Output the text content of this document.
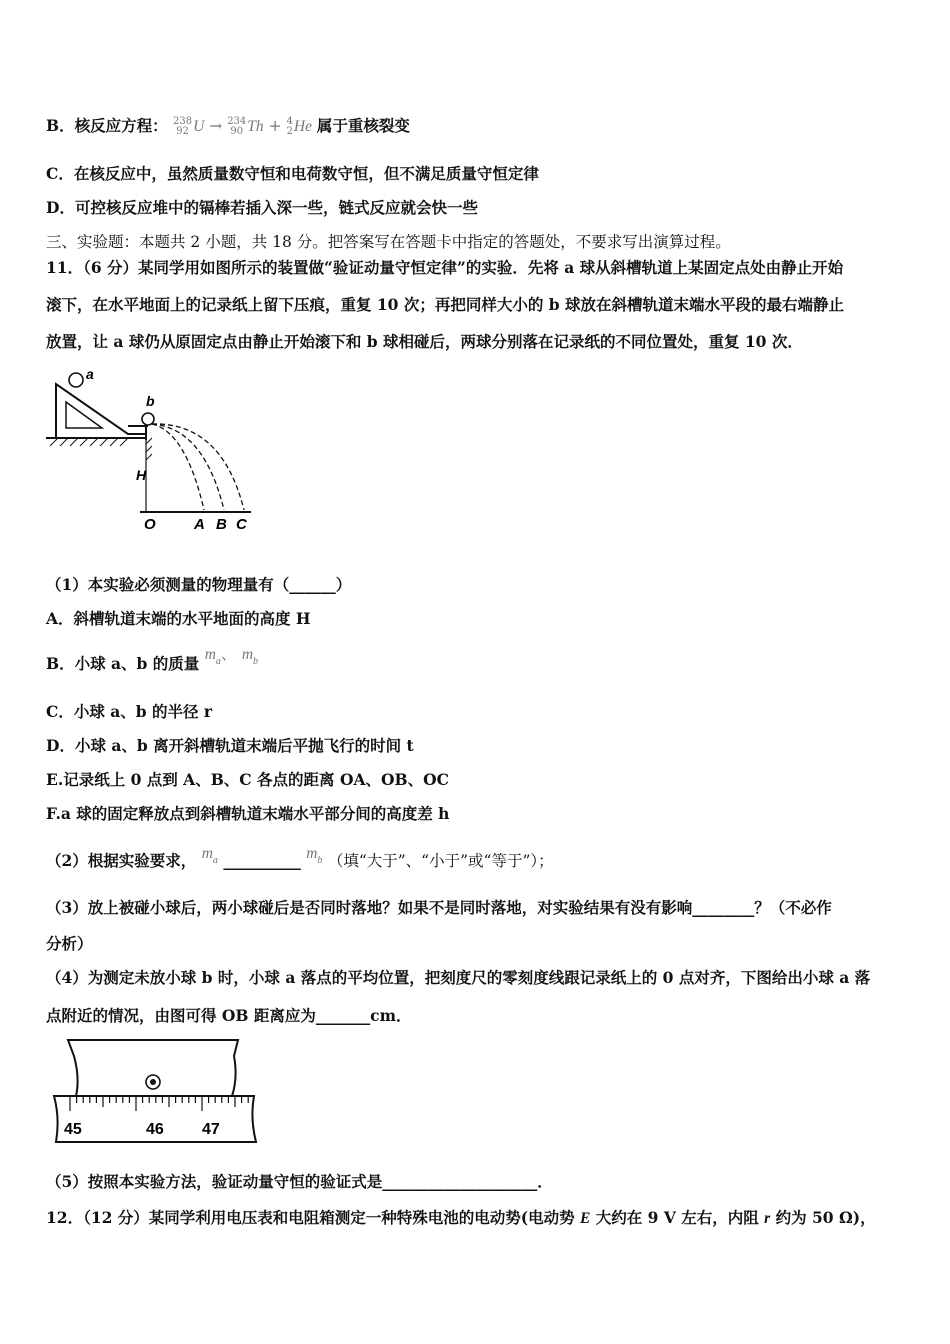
B．核反应方程： 238
92 U → 234
90 Th + 4
2 He 属于重核裂变
C．在核反应中，虽然质量数守恒和电荷数守恒，但不满足质量守恒定律
D．可控核反应堆中的镉棒若插入深一些，链式反应就会快一些
三、实验题：本题共 2 小题，共 18 分。把答案写在答题卡中指定的答题处，不要求写出演算过程。
11．（6 分）某同学用如图所示的装置做“验证动量守恒定律”的实验．先将 a 球从斜槽轨道上某固定点处由静止开始
滚下，在水平地面上的记录纸上留下压痕，重复 10 次；再把同样大小的 b 球放在斜槽轨道末端水平段的最右端静止
放置，让 a 球仍从原固定点由静止开始滚下和 b 球相碰后，两球分别落在记录纸的不同位置处，重复 10 次．
a
b
H
O	A B C
（1）本实验必须测量的物理量有（______）
A．斜槽轨道末端的水平地面的高度 H
B．小球 a、b 的质量 $m_a$、 $m_b$
C．小球 a、b 的半径 r
D．小球 a、b 离开斜槽轨道末端后平抛飞行的时间 t
E.记录纸上 0 点到 A、B、C 各点的距离 OA、OB、OC
F.a 球的固定释放点到斜槽轨道末端水平部分间的高度差 h
（2）根据实验要求， $m_a$ __________ $m_b$ （填“大于”、“小于”或“等于”）；
（3）放上被碰小球后，两小球碰后是否同时落地？如果不是同时落地，对实验结果有没有影响________？（不必作
分析）
（4）为测定未放小球 b 时，小球 a 落点的平均位置，把刻度尺的零刻度线跟记录纸上的 0 点对齐，下图给出小球 a 落
点附近的情况，由图可得 OB 距离应为_______cm．
45	46 47
（5）按照本实验方法，验证动量守恒的验证式是____________________．
12．（12 分）某同学利用电压表和电阻箱测定一种特殊电池的电动势(电动势 E 大约在 9 V 左右，内阻 r 约为 50 Ω)，
